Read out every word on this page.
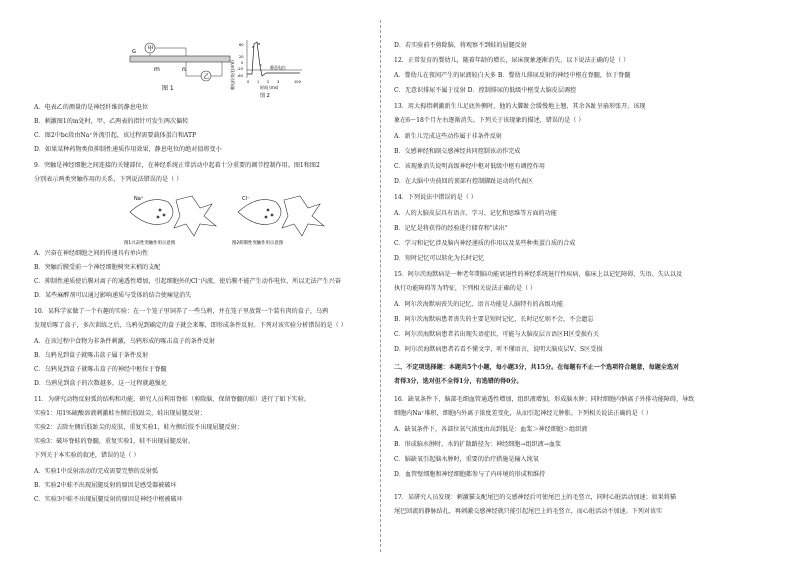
甲
乙
m	n
G
图 1	膜电位变化(mV)
60
20
0
-20
-60
a
b
c 静息电位
0 1 2 3	100
时间 (ms)
图 2
A．电表乙的测量的是神经纤维的静息电位
B．刺激图1的m处时，甲、乙两表的指针可发生两次偏转
C．图2中bc段由Na⁺外流引起，该过程需要载体蛋白和ATP
D．如果某种药物类似抑制性递质作用效果，静息电位的绝对值将变小
9．突触是神经细胞之间连接的关键部位，在神经系统正常活动中起着十分重要的调节控制作用。图1和图2
分别表示两类突触作用的关系，下列说法错误的是（ ）
Na⁺
图1兴奋性突触作用示意图
Cl⁻
图2抑制性突触作用示意图
A．兴奋在神经细胞之间的传递具有单向性
B．突触后膜受前一个神经细胞树突末梢的支配
C．抑制性递质使后膜对离子的通透性增加，引起细胞外的Cl⁻内流，使后膜不能产生动作电位，所以无法产生兴奋
D．某些麻醉剂可以通过影响递质与受体的结合使痛觉消失
10．某科学家做了一个有趣的实验：在一个笼子里饲养了一些乌鸦，并在笼子里放置一个装有肉的盒子，乌鸦
发现后啄了盒子，多次训练之后，乌鸦见到确定的盒子就会来啄，即形成条件反射。下列对该实验分析错误的是（ ）
A．在该过程中食物为非条件刺激，乌鸦形成的啄击盒子的条件反射
B．乌鸦见到盒子就啄击盒子属于条件反射
C．乌鸦见到盒子就啄击盒子的神经中枢位于脊髓
D．乌鸦见到盒子的次数越多，这一过程就越强化
11．为研究动物反射弧的结构和功能，研究人员利用脊蛙（剪除脑、保留脊髓的蛙）进行了如下实验。
实验1：用1%硫酸溶液刺激蛙左侧后肢趾尖，蛙出现屈腿反射；
实验2：去除左侧后肢趾尖的皮肤，重复实验1，蛙左侧后肢不出现屈腿反射；
实验3：破坏脊蛙的脊髓，重复实验1，蛙不出现屈腿反射。
下列关于本实验的叙述，错误的是（ ）
A．实验1中反射活动的完成需要完整的反射弧
B．实验2中蛙不出现屈腿反射的原因是感受器被破坏
C．实验3中蛙不出现屈腿反射的原因是神经中枢被破坏
D．若实验前不剪除脑，将观察不到蛙的屈腿反射
12．正常发育的婴幼儿，随着年龄的增长，尿床现象逐渐消失，以下说法正确的是（ ）
A．婴幼儿在夜间产生的尿液较白天多 B．婴幼儿排尿反射的神经中枢在脊髓，位于脊髓
C．无意识排尿不属于反射 D．控制排尿的低级中枢受大脑皮层调控
13．用大拇指刺激新生儿足底外侧时，他的大脚趾会缓慢地上翘，其余各趾呈扇形张开。该现
象在6～18个月左右逐渐消失。下列关于该现象的描述，错误的是（ ）
A．新生儿完成这些动作属于非条件反射
B．交感神经和副交感神经共同控制该动作完成
C．该现象消失说明高级神经中枢对低级中枢有调控作用
D．在大脑中央前回的顶部有控制脚趾运动的代表区
14．下列说法中错误的是（ ）
A．人的大脑皮层具有语言、学习、记忆和思维等方面的功能
B．记忆是将获得的经验进行储存和"读出"
C．学习和记忆涉及脑内神经递质的作用以及某些种类蛋白质的合成
D．短时记忆可以转化为长时记忆
15．阿尔茨海默病是一种老年期脑功能衰退性的神经系统退行性疾病，临床上以记忆障碍、失语、失认以及
执行功能障碍等为特征，下列相关说法正确的是（ ）
A．阿尔茨海默病丧失的记忆、语言功能是人脑特有的高级功能
B．阿尔茨海默病患者丧失的主要是短时记忆，长时记忆则不会，不会遗忘
C．阿尔茨海默病患者若出现失语症状，可能与大脑皮层言语区H区受损有关
D．阿尔茨海默病患者若看不懂文字，听不懂语言，说明大脑皮层V、S区受损
二、不定项选择题：本题共5个小题，每小题3分，共15分。在每题有不止一个选项符合题意，每题全选对
者得3分，选对但不全得1分，有选错的得0分。
16．缺氧条件下，脑部毛细血管通透性增加，组织液增加，形成脑水肿；同时细胞内钠离子外排功能障碍，导致
细胞内Na⁺堆积，细胞内外离子浓度差变化，从而引起神经元肿胀。下列相关说法正确的是（ ）
A．缺氧条件下，各部位氧气浓度由高到低是：血浆＞神经细胞＞组织液
B．形成脑水肿时，水的扩散路径为：神经细胞→组织液→血浆
C．脑缺氧引起脑水肿时，重要的治疗措施是输入纯氧
D．血管壁细胞和神经细胞都参与了内环境的形成和维持
17．某研究人员发现：刺激猫支配尾巴的交感神经后可使尾巴上的毛竖立，同时心脏活动加速；如果将猫
尾巴回流的静脉结扎，再刺激交感神经就只能引起尾巴上的毛竖立，而心脏活动不加速。下列对该实
